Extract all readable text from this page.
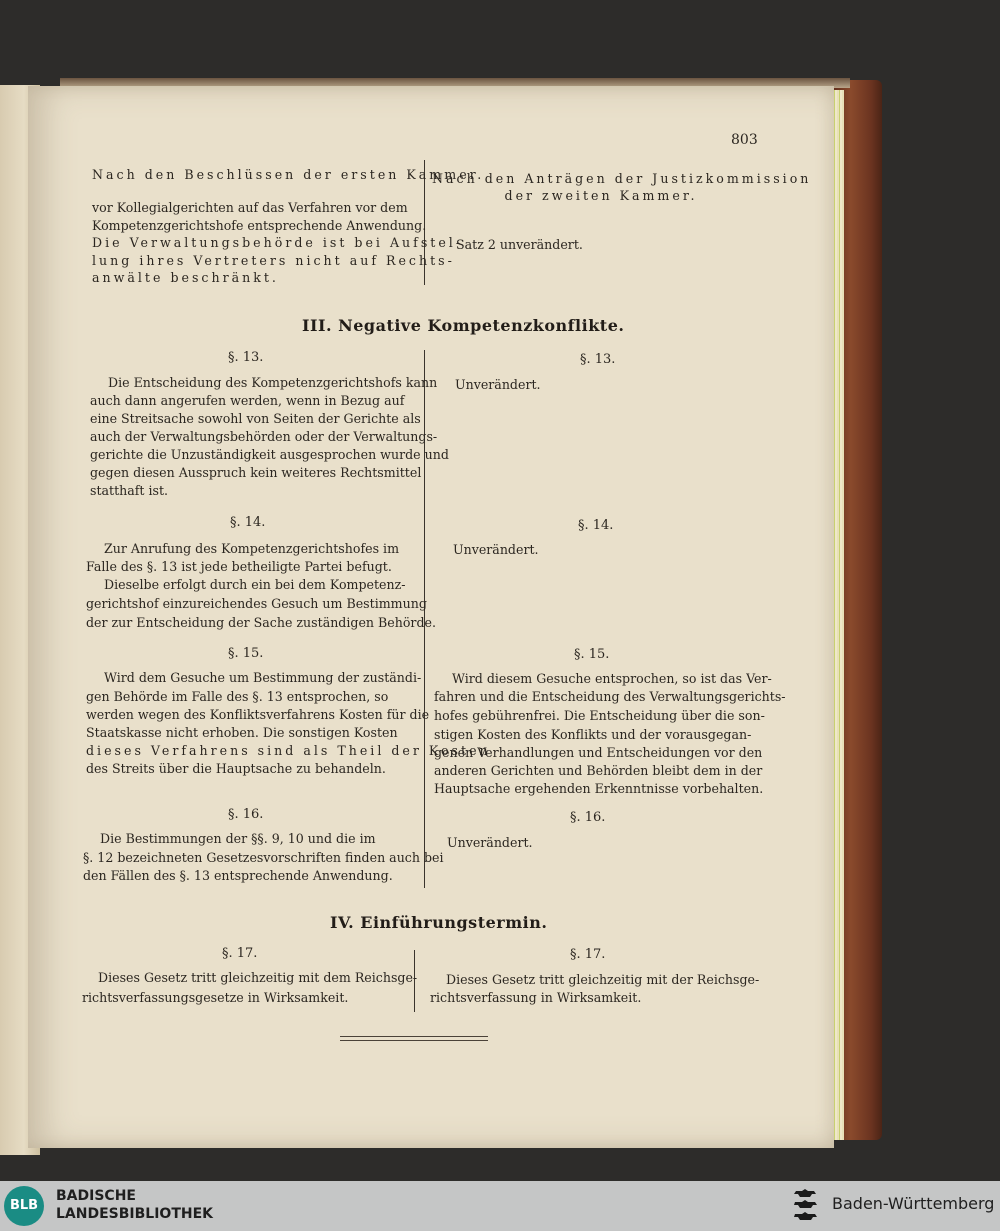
803

Nach den Beschlüssen der ersten Kammer.

Nach den Anträgen der Justizkommission

der zweiten Kammer.

vor Kollegialgerichten auf das Verfahren vor dem

Kompetenzgerichtshofe entsprechende Anwendung.

Die Verwaltungsbehörde ist bei Aufstel-

lung ihres Vertreters nicht auf Rechts-

anwälte beschränkt.

Satz 2 unverändert.

III. Negative Kompetenzkonflikte.

§. 13.	§. 13.

Die Entscheidung des Kompetenzgerichtshofs kann

auch dann angerufen werden, wenn in Bezug auf

eine Streitsache sowohl von Seiten der Gerichte als

auch der Verwaltungsbehörden oder der Verwaltungs-

gerichte die Unzuständigkeit ausgesprochen wurde und

gegen diesen Ausspruch kein weiteres Rechtsmittel

statthaft ist.

Unverändert.

§. 14.	§. 14.

Zur Anrufung des Kompetenzgerichtshofes im

Falle des §. 13 ist jede betheiligte Partei befugt.

Dieselbe erfolgt durch ein bei dem Kompetenz-

gerichtshof einzureichendes Gesuch um Bestimmung

der zur Entscheidung der Sache zuständigen Behörde.

Unverändert.

§. 15.	§. 15.

Wird dem Gesuche um Bestimmung der zuständi-

gen Behörde im Falle des §. 13 entsprochen, so

werden wegen des Konfliktsverfahrens Kosten für die

Staatskasse nicht erhoben. Die sonstigen Kosten

dieses Verfahrens sind als Theil der Kosten

des Streits über die Hauptsache zu behandeln.

Wird diesem Gesuche entsprochen, so ist das Ver-

fahren und die Entscheidung des Verwaltungsgerichts-

hofes gebührenfrei. Die Entscheidung über die son-

stigen Kosten des Konflikts und der vorausgegan-

genen Verhandlungen und Entscheidungen vor den

anderen Gerichten und Behörden bleibt dem in der

Hauptsache ergehenden Erkenntnisse vorbehalten.

§. 16.	§. 16.

Die Bestimmungen der §§. 9, 10 und die im

§. 12 bezeichneten Gesetzesvorschriften finden auch bei

den Fällen des §. 13 entsprechende Anwendung.

Unverändert.

IV. Einführungstermin.

§. 17.	§. 17.

Dieses Gesetz tritt gleichzeitig mit dem Reichsge-

richtsverfassungsgesetze in Wirksamkeit.

Dieses Gesetz tritt gleichzeitig mit der Reichsge-

richtsverfassung in Wirksamkeit.

BLB

BADISCHE

LANDESBIBLIOTHEK

Baden-Württemberg
